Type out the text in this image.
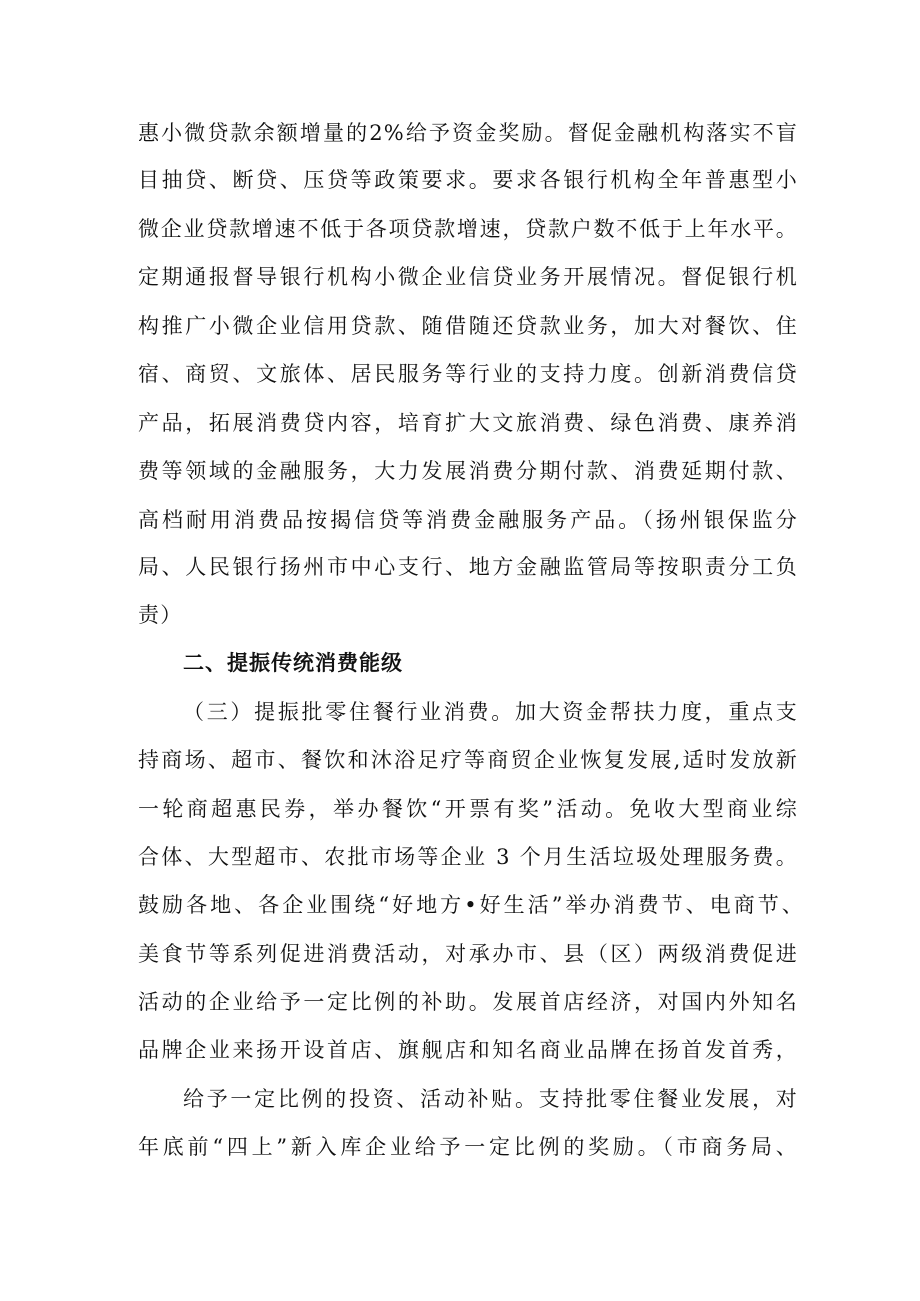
惠小微贷款余额增量的2%给予资金奖励。督促金融机构落实不盲
目抽贷、断贷、压贷等政策要求。要求各银行机构全年普惠型小
微企业贷款增速不低于各项贷款增速，贷款户数不低于上年水平。
定期通报督导银行机构小微企业信贷业务开展情况。督促银行机
构推广小微企业信用贷款、随借随还贷款业务，加大对餐饮、住
宿、商贸、文旅体、居民服务等行业的支持力度。创新消费信贷
产品，拓展消费贷内容，培育扩大文旅消费、绿色消费、康养消
费等领域的金融服务，大力发展消费分期付款、消费延期付款、
高档耐用消费品按揭信贷等消费金融服务产品。（扬州银保监分
局、人民银行扬州市中心支行、地方金融监管局等按职责分工负
责）
二、提振传统消费能级
（三）提振批零住餐行业消费。加大资金帮扶力度，重点支
持商场、超市、餐饮和沐浴足疗等商贸企业恢复发展,适时发放新
一轮商超惠民券，举办餐饮“开票有奖”活动。免收大型商业综
合体、大型超市、农批市场等企业 3 个月生活垃圾处理服务费。
鼓励各地、各企业围绕“好地方•好生活”举办消费节、电商节、
美食节等系列促进消费活动，对承办市、县（区）两级消费促进
活动的企业给予一定比例的补助。发展首店经济，对国内外知名
品牌企业来扬开设首店、旗舰店和知名商业品牌在扬首发首秀，
给予一定比例的投资、活动补贴。支持批零住餐业发展，对
年底前“四上”新入库企业给予一定比例的奖励。（市商务局、
